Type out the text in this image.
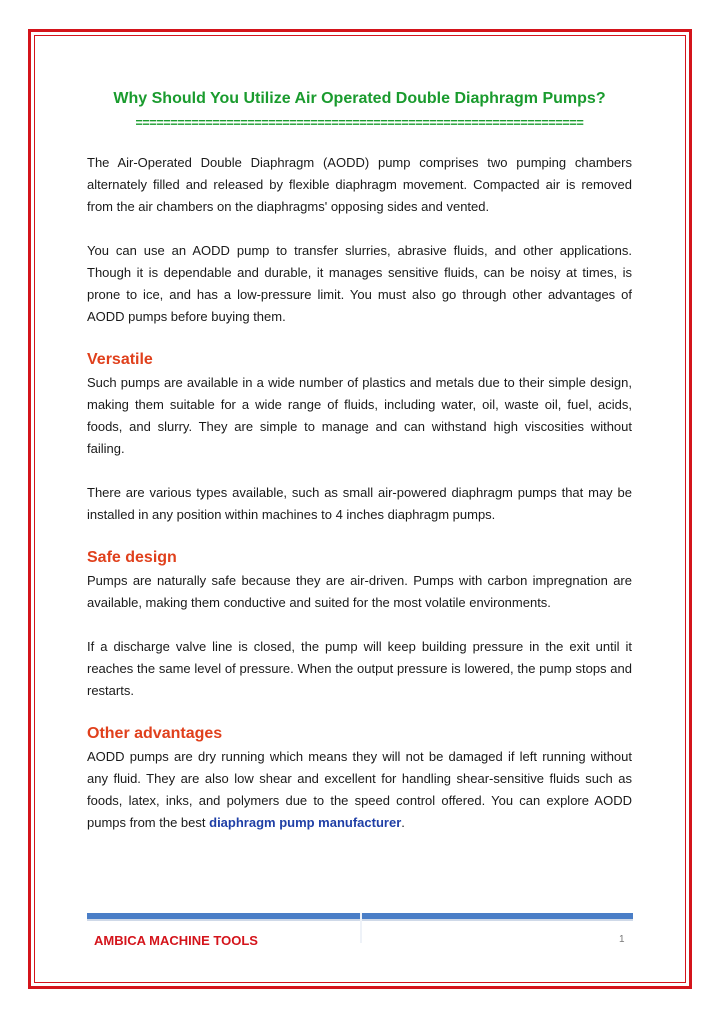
Why Should You Utilize Air Operated Double Diaphragm Pumps?
================================================================

The Air-Operated Double Diaphragm (AODD) pump comprises two pumping chambers alternately filled and released by flexible diaphragm movement. Compacted air is removed from the air chambers on the diaphragms' opposing sides and vented.

You can use an AODD pump to transfer slurries, abrasive fluids, and other applications. Though it is dependable and durable, it manages sensitive fluids, can be noisy at times, is prone to ice, and has a low-pressure limit. You must also go through other advantages of AODD pumps before buying them.

Versatile

Such pumps are available in a wide number of plastics and metals due to their simple design, making them suitable for a wide range of fluids, including water, oil, waste oil, fuel, acids, foods, and slurry. They are simple to manage and can withstand high viscosities without failing.

There are various types available, such as small air-powered diaphragm pumps that may be installed in any position within machines to 4 inches diaphragm pumps.

Safe design

Pumps are naturally safe because they are air-driven. Pumps with carbon impregnation are available, making them conductive and suited for the most volatile environments.

If a discharge valve line is closed, the pump will keep building pressure in the exit until it reaches the same level of pressure. When the output pressure is lowered, the pump stops and restarts.

Other advantages

AODD pumps are dry running which means they will not be damaged if left running without any fluid. They are also low shear and excellent for handling shear-sensitive fluids such as foods, latex, inks, and polymers due to the speed control offered. You can explore AODD pumps from the best diaphragm pump manufacturer.

AMBICA MACHINE TOOLS	1
